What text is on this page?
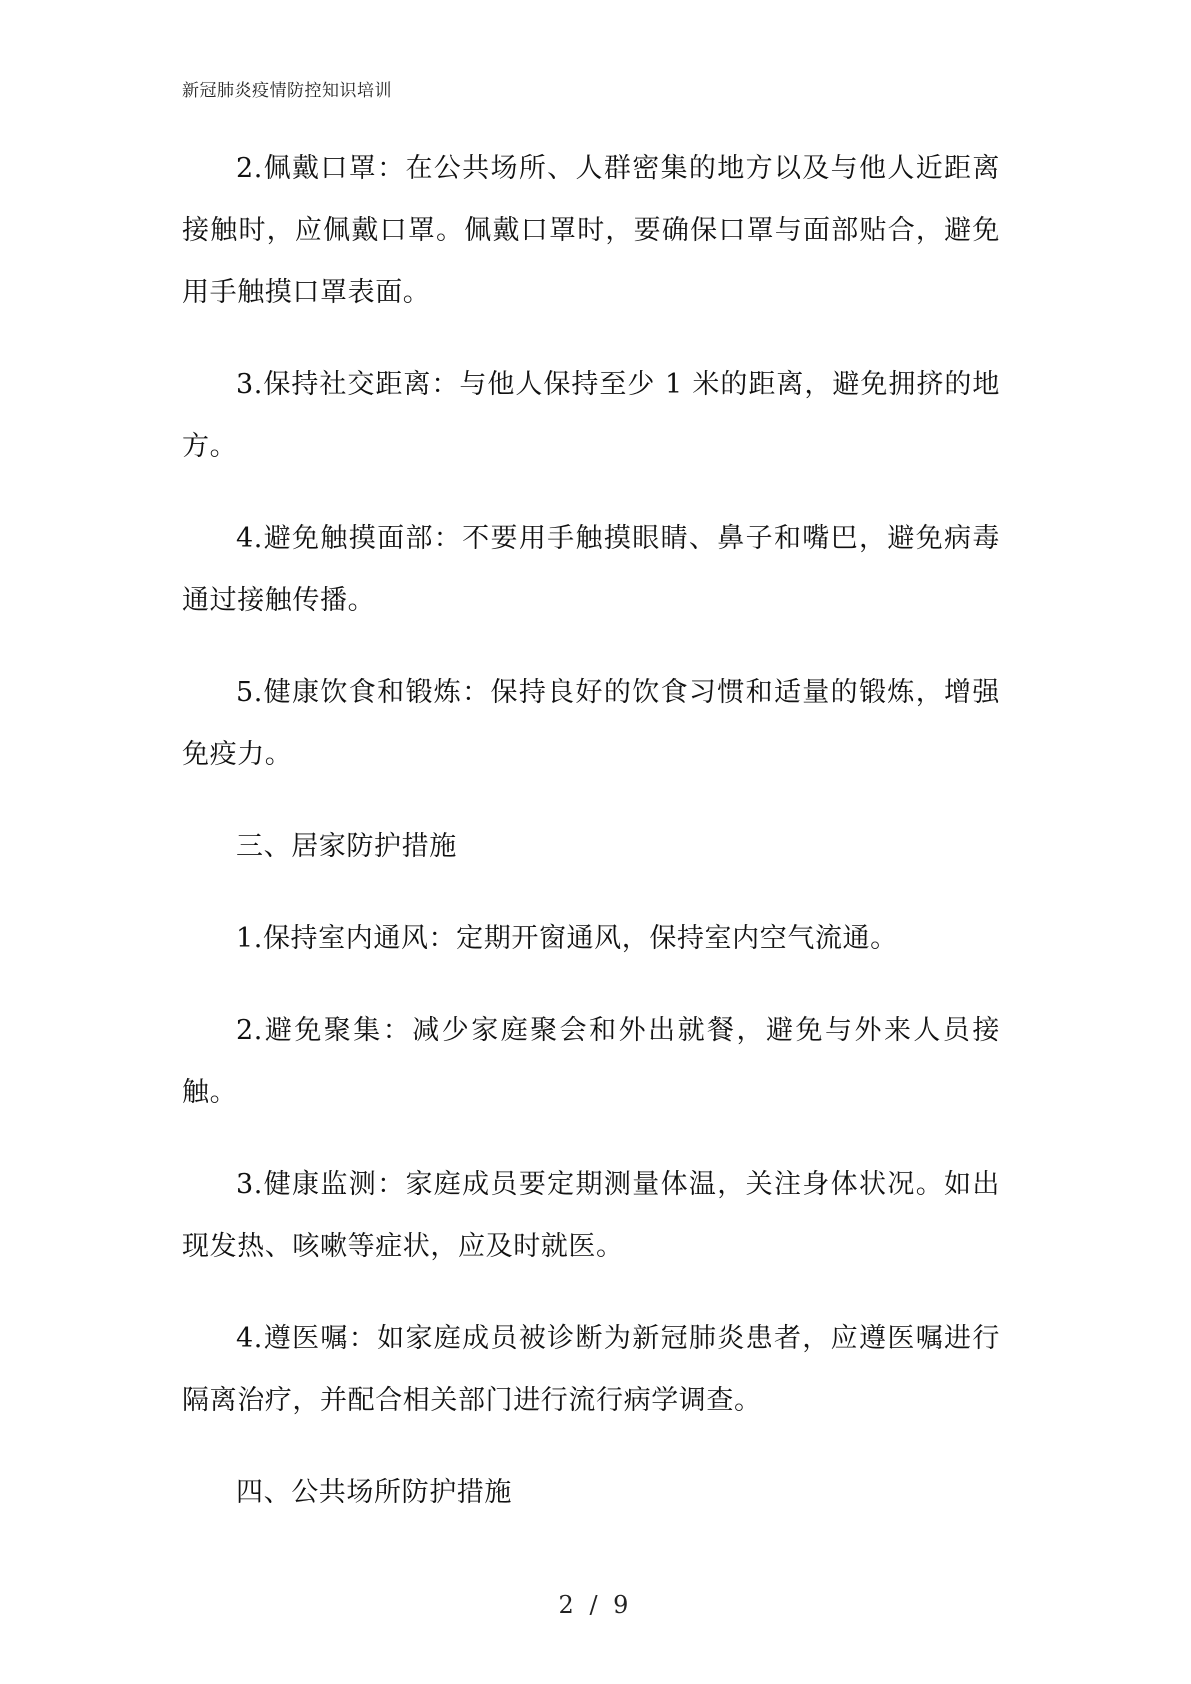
新冠肺炎疫情防控知识培训

2.佩戴口罩：在公共场所、人群密集的地方以及与他人近距离接触时，应佩戴口罩。佩戴口罩时，要确保口罩与面部贴合，避免用手触摸口罩表面。

3.保持社交距离：与他人保持至少 1 米的距离，避免拥挤的地方。

4.避免触摸面部：不要用手触摸眼睛、鼻子和嘴巴，避免病毒通过接触传播。

5.健康饮食和锻炼：保持良好的饮食习惯和适量的锻炼，增强免疫力。

三、居家防护措施

1.保持室内通风：定期开窗通风，保持室内空气流通。

2.避免聚集：减少家庭聚会和外出就餐，避免与外来人员接触。

3.健康监测：家庭成员要定期测量体温，关注身体状况。如出现发热、咳嗽等症状，应及时就医。

4.遵医嘱：如家庭成员被诊断为新冠肺炎患者，应遵医嘱进行隔离治疗，并配合相关部门进行流行病学调查。

四、公共场所防护措施

2 / 9
